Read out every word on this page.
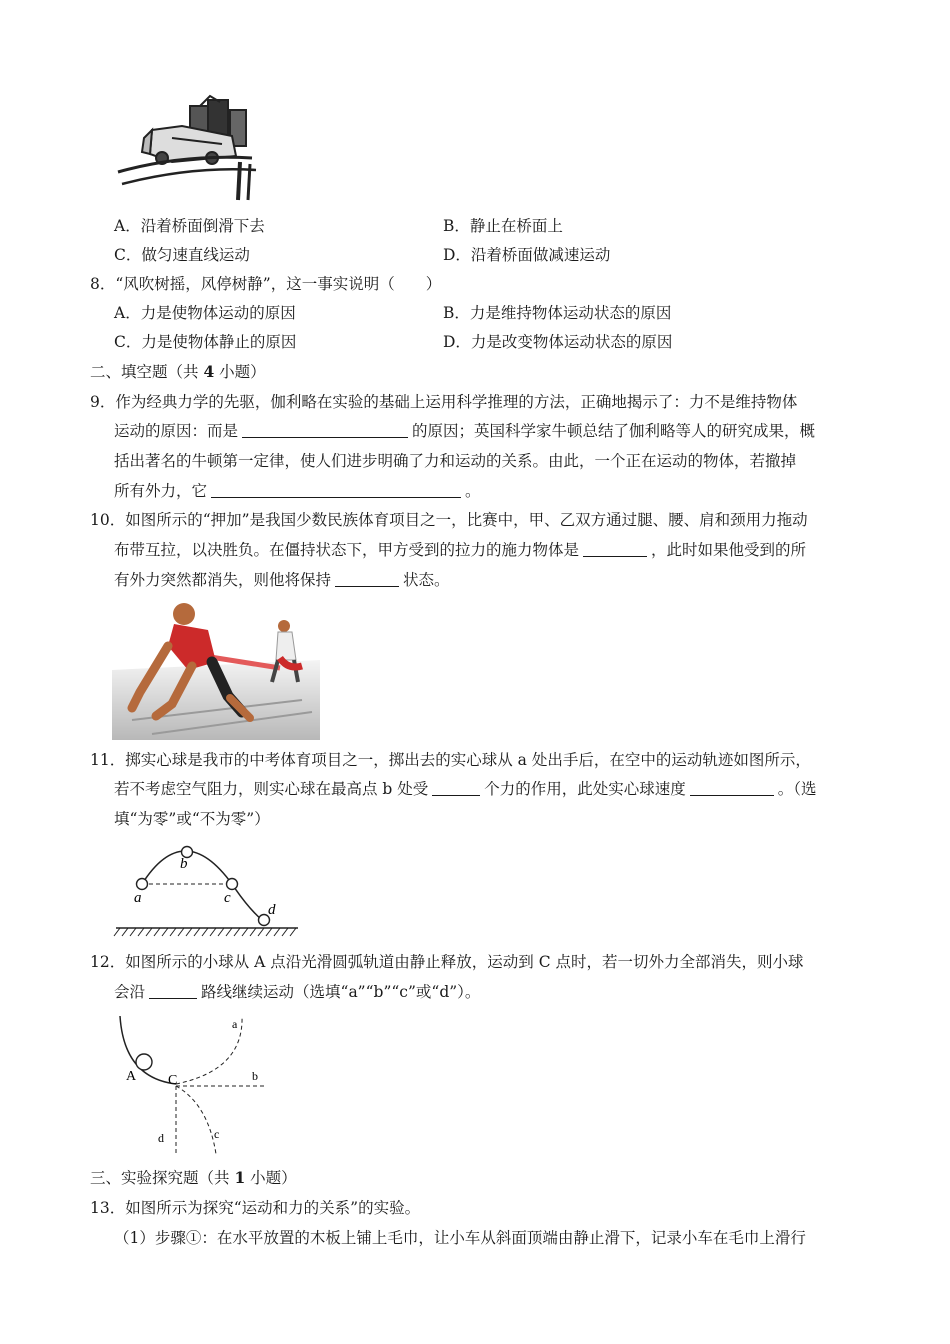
A．沿着桥面倒滑下去	B．静止在桥面上
C．做匀速直线运动	D．沿着桥面做减速运动
8．“风吹树摇，风停树静”，这一事实说明（　　）
A．力是使物体运动的原因	B．力是维持物体运动状态的原因
C．力是使物体静止的原因	D．力是改变物体运动状态的原因
二、填空题（共 4 小题）
9．作为经典力学的先驱，伽利略在实验的基础上运用科学推理的方法，正确地揭示了：力不是维持物体
运动的原因：而是	的原因；英国科学家牛顿总结了伽利略等人的研究成果，概
括出著名的牛顿第一定律，使人们进步明确了力和运动的关系。由此，一个正在运动的物体，若撤掉
所有外力，它	。
10．如图所示的“押加”是我国少数民族体育项目之一，比赛中，甲、乙双方通过腿、腰、肩和颈用力拖动
布带互拉，以决胜负。在僵持状态下，甲方受到的拉力的施力物体是	，此时如果他受到的所
有外力突然都消失，则他将保持	状态。
11．掷实心球是我市的中考体育项目之一，掷出去的实心球从 a 处出手后，在空中的运动轨迹如图所示，
若不考虑空气阻力，则实心球在最高点 b 处受	个力的作用，此处实心球速度	。（选
填“为零”或“不为零”）
a
b
c
d
12．如图所示的小球从 A 点沿光滑圆弧轨道由静止释放，运动到 C 点时，若一切外力全部消失，则小球
会沿	路线继续运动（选填“a”“b”“c”或“d”）。
A C
a
b
c
d
三、实验探究题（共 1 小题）
13．如图所示为探究“运动和力的关系”的实验。
（1）步骤①：在水平放置的木板上铺上毛巾，让小车从斜面顶端由静止滑下，记录小车在毛巾上滑行
